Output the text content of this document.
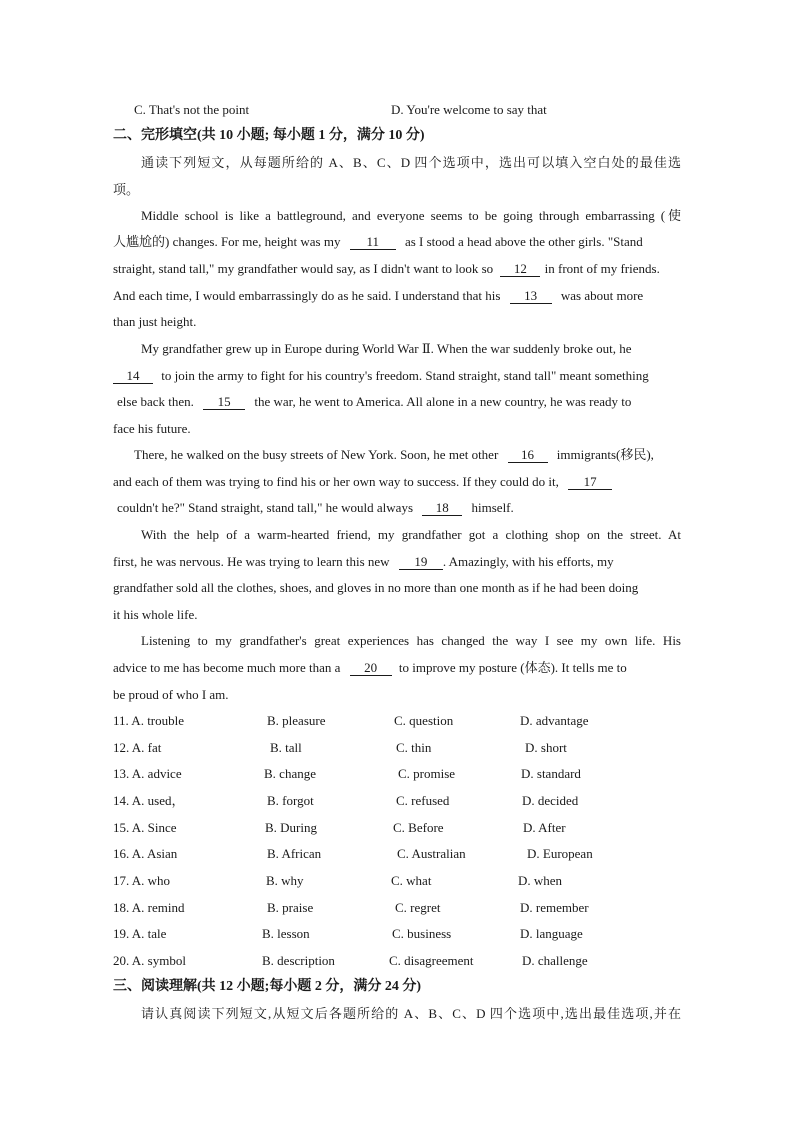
C. That's not the point	D. You're welcome to say that
二、完形填空(共 10 小题; 每小题 1 分，满分 10 分)
通读下列短文，从每题所给的 A、B、C、D 四个选项中，选出可以填入空白处的最佳选
项。
Middle school is like a battleground, and everyone seems to be going through embarrassing (使
人尴尬的) changes. For me, height was my 11 as I stood a head above the other girls. "Stand
straight, stand tall," my grandfather would say, as I didn't want to look so 12 in front of my friends.
And each time, I would embarrassingly do as he said. I understand that his 13 was about more
than just height.
My grandfather grew up in Europe during World War Ⅱ. When the war suddenly broke out, he
14 to join the army to fight for his country's freedom. Stand straight, stand tall" meant something
else back then. 15 the war, he went to America. All alone in a new country, he was ready to
face his future.
There, he walked on the busy streets of New York. Soon, he met other 16 immigrants(移民),
and each of them was trying to find his or her own way to success. If they could do it, 17
couldn't he?" Stand straight, stand tall," he would always 18 himself.
With the help of a warm-hearted friend, my grandfather got a clothing shop on the street. At
first, he was nervous. He was trying to learn this new 19 . Amazingly, with his efforts, my
grandfather sold all the clothes, shoes, and gloves in no more than one month as if he had been doing
it his whole life.
Listening to my grandfather's great experiences has changed the way I see my own life. His
advice to me has become much more than a 20 to improve my posture (体态). It tells me to
be proud of who I am.
11. A. trouble	B. pleasure	C. question	D. advantage
12. A. fat	B. tall	C. thin	D. short
13. A. advice	B. change	C. promise	D. standard
14. A. used，	B. forgot	C. refused	D. decided
15. A. Since	B. During	C. Before	D. After
16. A. Asian	B. African	C. Australian	D. European
17. A. who	B. why	C. what	D. when
18. A. remind	B. praise	C. regret	D. remember
19. A. tale	B. lesson	C. business	D. language
20. A. symbol	B. description	C. disagreement	D. challenge
三、阅读理解(共 12 小题;每小题 2 分，满分 24 分)
请认真阅读下列短文,从短文后各题所给的 A、B、C、D 四个选项中,选出最佳选项,并在
